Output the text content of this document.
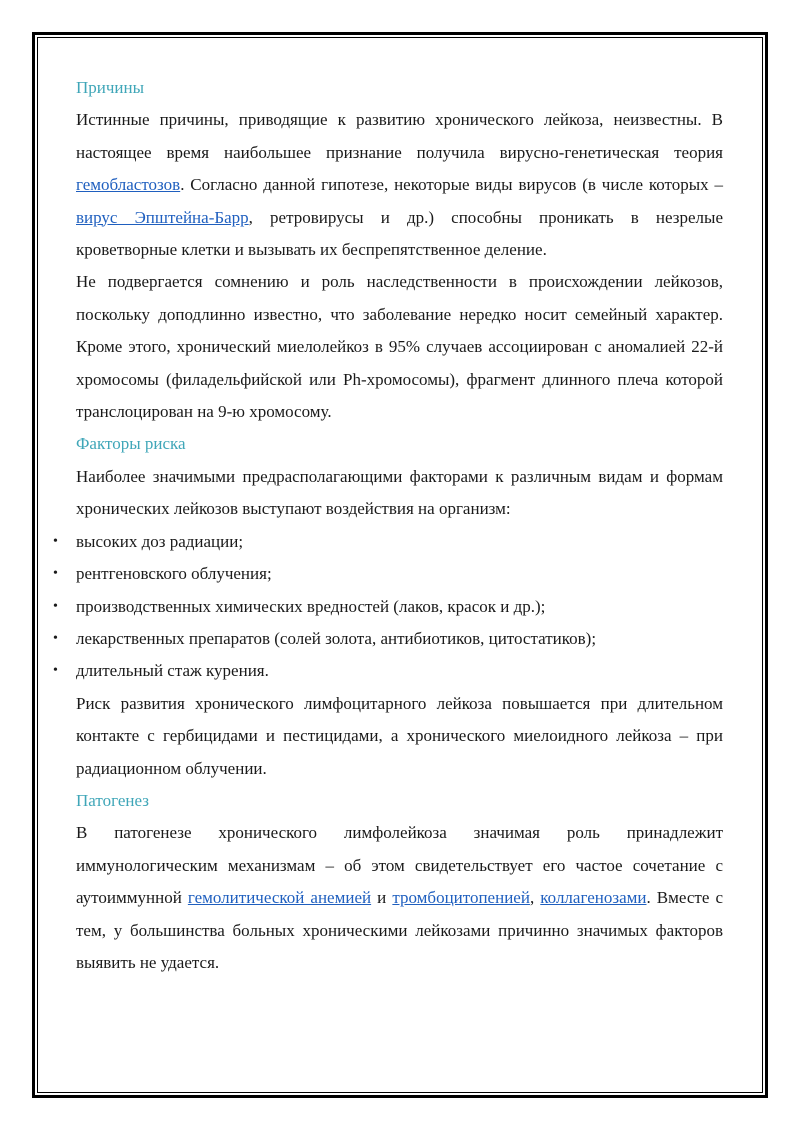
Причины

Истинные причины, приводящие к развитию хронического лейкоза, неизвестны. В настоящее время наибольшее признание получила вирусно-генетическая теория гемобластозов. Согласно данной гипотезе, некоторые виды вирусов (в числе которых – вирус Эпштейна-Барр, ретровирусы и др.) способны проникать в незрелые кроветворные клетки и вызывать их беспрепятственное деление.

Не подвергается сомнению и роль наследственности в происхождении лейкозов, поскольку доподлинно известно, что заболевание нередко носит семейный характер. Кроме этого, хронический миелолейкоз в 95% случаев ассоциирован с аномалией 22-й хромосомы (филадельфийской или Ph-хромосомы), фрагмент длинного плеча которой транслоцирован на 9-ю хромосому.

Факторы риска

Наиболее значимыми предрасполагающими факторами к различным видам и формам хронических лейкозов выступают воздействия на организм:

• высоких доз радиации;
• рентгеновского облучения;
• производственных химических вредностей (лаков, красок и др.);
• лекарственных препаратов (солей золота, антибиотиков, цитостатиков);
• длительный стаж курения.

Риск развития хронического лимфоцитарного лейкоза повышается при длительном контакте с гербицидами и пестицидами, а хронического миелоидного лейкоза – при радиационном облучении.

Патогенез

В патогенезе хронического лимфолейкоза значимая роль принадлежит иммунологическим механизмам – об этом свидетельствует его частое сочетание с аутоиммунной гемолитической анемией и тромбоцитопенией, коллагенозами. Вместе с тем, у большинства больных хроническими лейкозами причинно значимых факторов выявить не удается.
